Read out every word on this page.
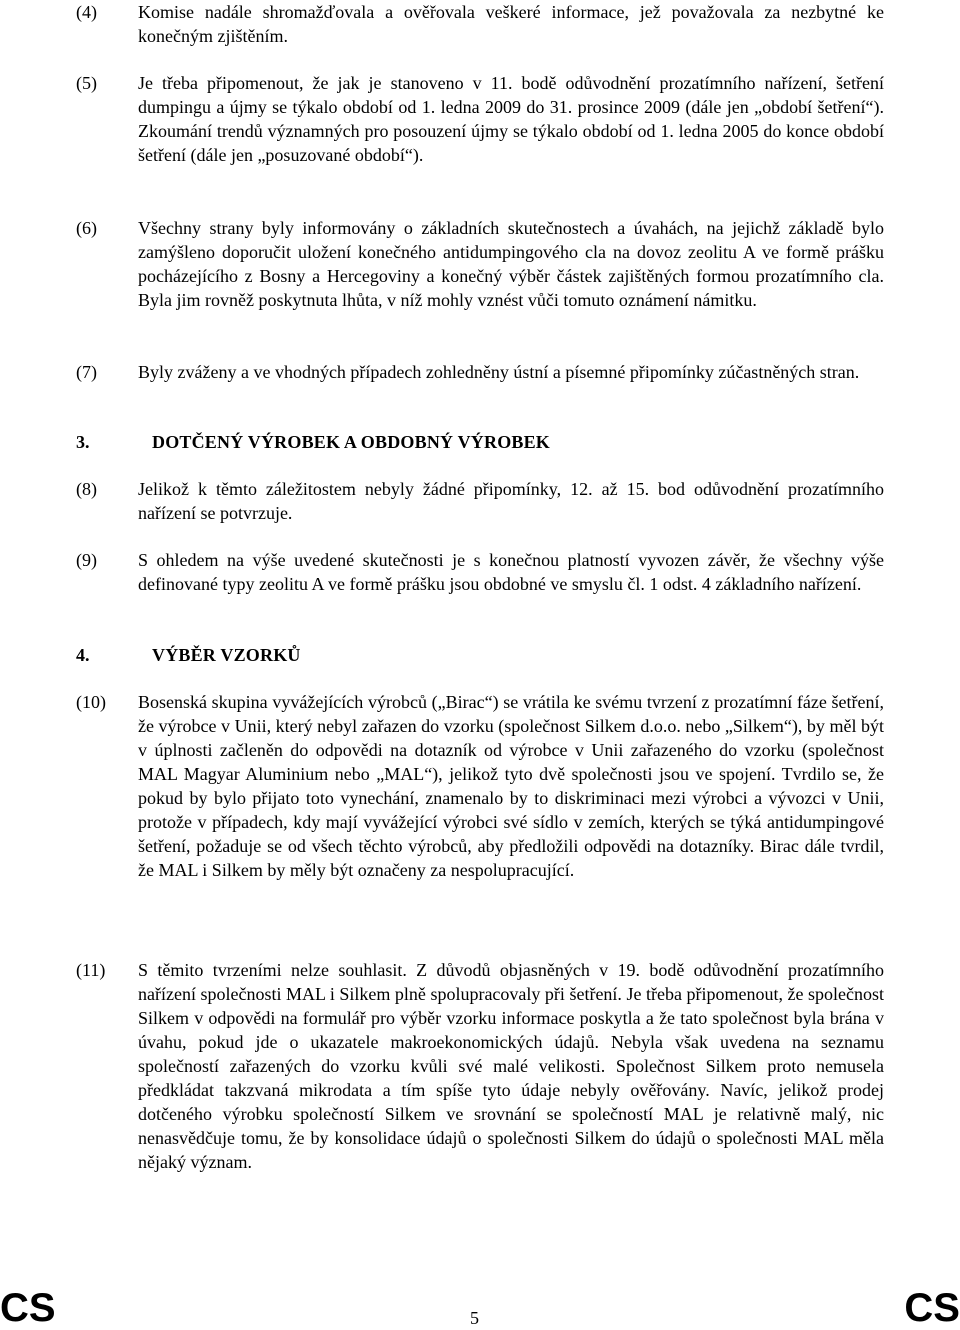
(4) Komise nadále shromažďovala a ověřovala veškeré informace, jež považovala za nezbytné ke konečným zjištěním.
(5) Je třeba připomenout, že jak je stanoveno v 11. bodě odůvodnění prozatímního nařízení, šetření dumpingu a újmy se týkalo období od 1. ledna 2009 do 31. prosince 2009 (dále jen „období šetření“). Zkoumání trendů významných pro posouzení újmy se týkalo období od 1. ledna 2005 do konce období šetření (dále jen „posuzované období“).
(6) Všechny strany byly informovány o základních skutečnostech a úvahách, na jejichž základě bylo zamýšleno doporučit uložení konečného antidumpingového cla na dovoz zeolitu A ve formě prášku pocházejícího z Bosny a Hercegoviny a konečný výběr částek zajištěných formou prozatímního cla. Byla jim rovněž poskytnuta lhůta, v níž mohly vznést vůči tomuto oznámení námitku.
(7) Byly zváženy a ve vhodných případech zohledněny ústní a písemné připomínky zúčastněných stran.
3.	DOTČENÝ VÝROBEK A OBDOBNÝ VÝROBEK
(8) Jelikož k těmto záležitostem nebyly žádné připomínky, 12. až 15. bod odůvodnění prozatímního nařízení se potvrzuje.
(9) S ohledem na výše uvedené skutečnosti je s konečnou platností vyvozen závěr, že všechny výše definované typy zeolitu A ve formě prášku jsou obdobné ve smyslu čl. 1 odst. 4 základního nařízení.
4.	VÝBĚR VZORKŮ
(10) Bosenská skupina vyvážejících výrobců („Birac“) se vrátila ke svému tvrzení z prozatímní fáze šetření, že výrobce v Unii, který nebyl zařazen do vzorku (společnost Silkem d.o.o. nebo „Silkem“), by měl být v úplnosti začleněn do odpovědi na dotazník od výrobce v Unii zařazeného do vzorku (společnost MAL Magyar Aluminium nebo „MAL“), jelikož tyto dvě společnosti jsou ve spojení. Tvrdilo se, že pokud by bylo přijato toto vynechání, znamenalo by to diskriminaci mezi výrobci a vývozci v Unii, protože v případech, kdy mají vyvážející výrobci své sídlo v zemích, kterých se týká antidumpingové šetření, požaduje se od všech těchto výrobců, aby předložili odpovědi na dotazníky. Birac dále tvrdil, že MAL i Silkem by měly být označeny za nespolupracující.
(11) S těmito tvrzeními nelze souhlasit. Z důvodů objasněných v 19. bodě odůvodnění prozatímního nařízení společnosti MAL i Silkem plně spolupracovaly při šetření. Je třeba připomenout, že společnost Silkem v odpovědi na formulář pro výběr vzorku informace poskytla a že tato společnost byla brána v úvahu, pokud jde o ukazatele makroekonomických údajů. Nebyla však uvedena na seznamu společností zařazených do vzorku kvůli své malé velikosti. Společnost Silkem proto nemusela předkládat takzvaná mikrodata a tím spíše tyto údaje nebyly ověřovány. Navíc, jelikož prodej dotčeného výrobku společností Silkem ve srovnání se společností MAL je relativně malý, nic nenasvědčuje tomu, že by konsolidace údajů o společnosti Silkem do údajů o společnosti MAL měla nějaký význam.
CS	5	CS
